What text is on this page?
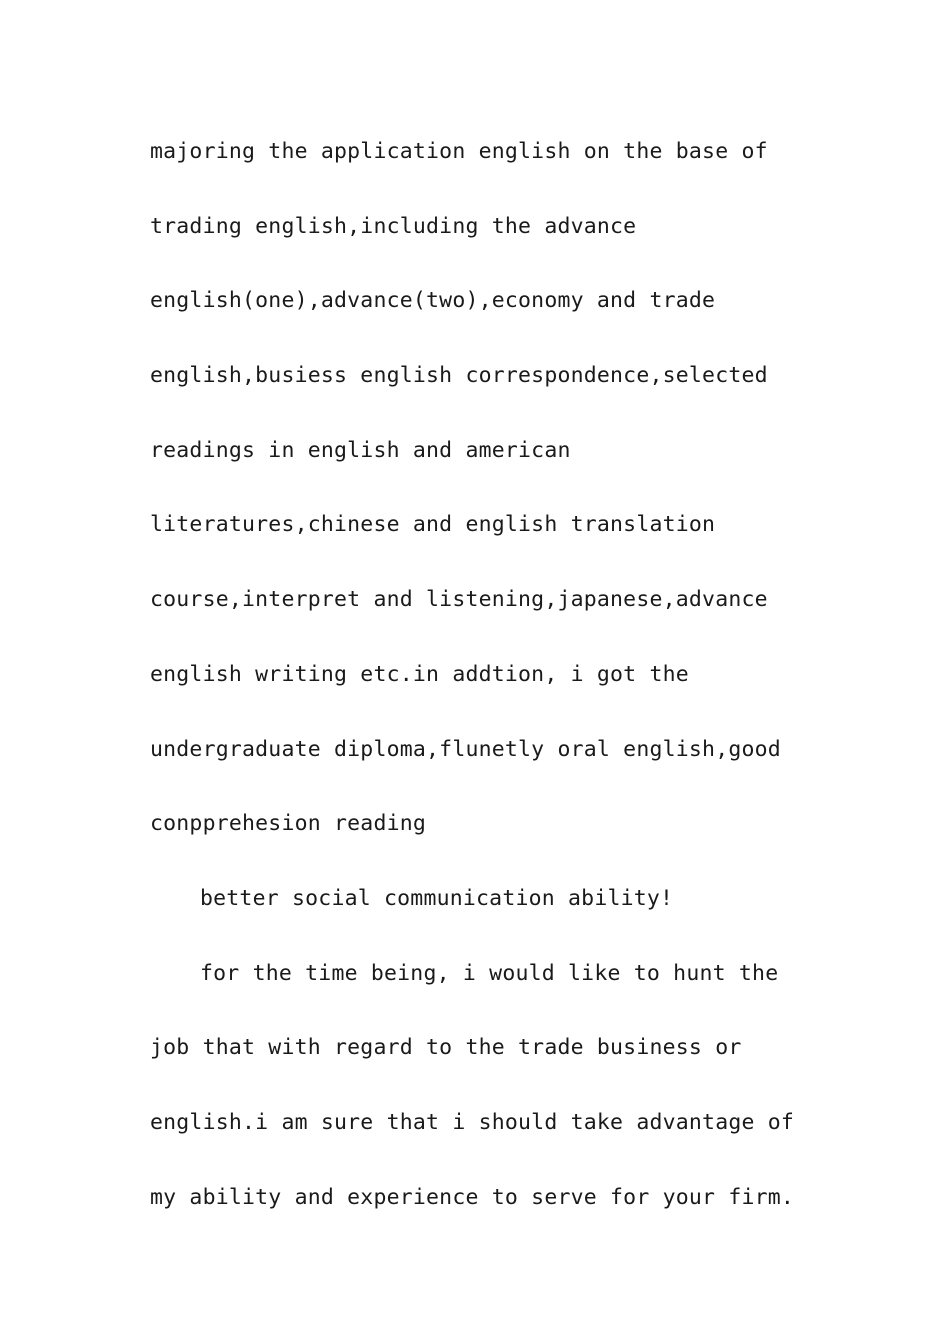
majoring the application english on the base of
trading english,including the advance
english(one),advance(two),economy and trade
english,busiess english correspondence,selected
readings in english and american
literatures,chinese and english translation
course,interpret and listening,japanese,advance
english writing etc.in addtion, i got the
undergraduate diploma,flunetly oral english,good
conpprehesion reading
better social communication ability!
for the time being, i would like to hunt the
job that with regard to the trade business or
english.i am sure that i should take advantage of
my ability and experience to serve for your firm.
